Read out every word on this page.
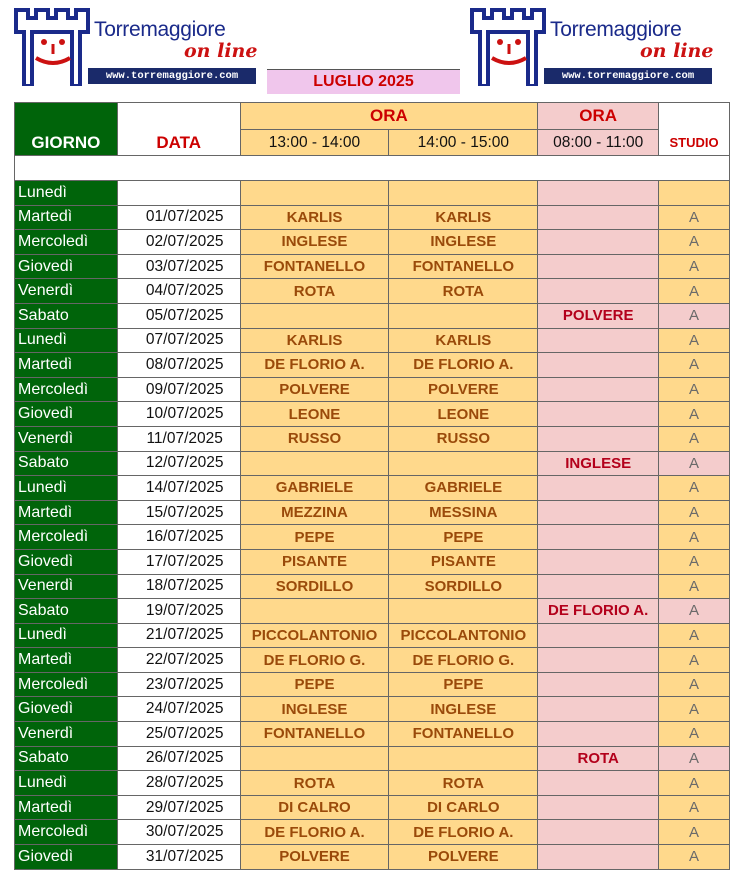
Torremaggiore
on line
www.torremaggiore.com
Torremaggiore
on line
www.torremaggiore.com
LUGLIO 2025
GIORNO	DATA	ORA		ORA	
		13:00 - 14:00	14:00 - 15:00	08:00 - 11:00	STUDIO

Lunedì					
Martedì	01/07/2025	KARLIS	KARLIS		A
Mercoledì	02/07/2025	INGLESE	INGLESE		A
Giovedì	03/07/2025	FONTANELLO	FONTANELLO		A
Venerdì	04/07/2025	ROTA	ROTA		A
Sabato	05/07/2025			POLVERE	A
Lunedì	07/07/2025	KARLIS	KARLIS		A
Martedì	08/07/2025	DE FLORIO A.	DE FLORIO A.		A
Mercoledì	09/07/2025	POLVERE	POLVERE		A
Giovedì	10/07/2025	LEONE	LEONE		A
Venerdì	11/07/2025	RUSSO	RUSSO		A
Sabato	12/07/2025			INGLESE	A
Lunedì	14/07/2025	GABRIELE	GABRIELE		A
Martedì	15/07/2025	MEZZINA	MESSINA		A
Mercoledì	16/07/2025	PEPE	PEPE		A
Giovedì	17/07/2025	PISANTE	PISANTE		A
Venerdì	18/07/2025	SORDILLO	SORDILLO		A
Sabato	19/07/2025			DE FLORIO A.	A
Lunedì	21/07/2025	PICCOLANTONIO	PICCOLANTONIO		A
Martedì	22/07/2025	DE FLORIO G.	DE FLORIO G.		A
Mercoledì	23/07/2025	PEPE	PEPE		A
Giovedì	24/07/2025	INGLESE	INGLESE		A
Venerdì	25/07/2025	FONTANELLO	FONTANELLO		A
Sabato	26/07/2025			ROTA	A
Lunedì	28/07/2025	ROTA	ROTA		A
Martedì	29/07/2025	DI CALRO	DI CARLO		A
Mercoledì	30/07/2025	DE FLORIO A.	DE FLORIO A.		A
Giovedì	31/07/2025	POLVERE	POLVERE		A
